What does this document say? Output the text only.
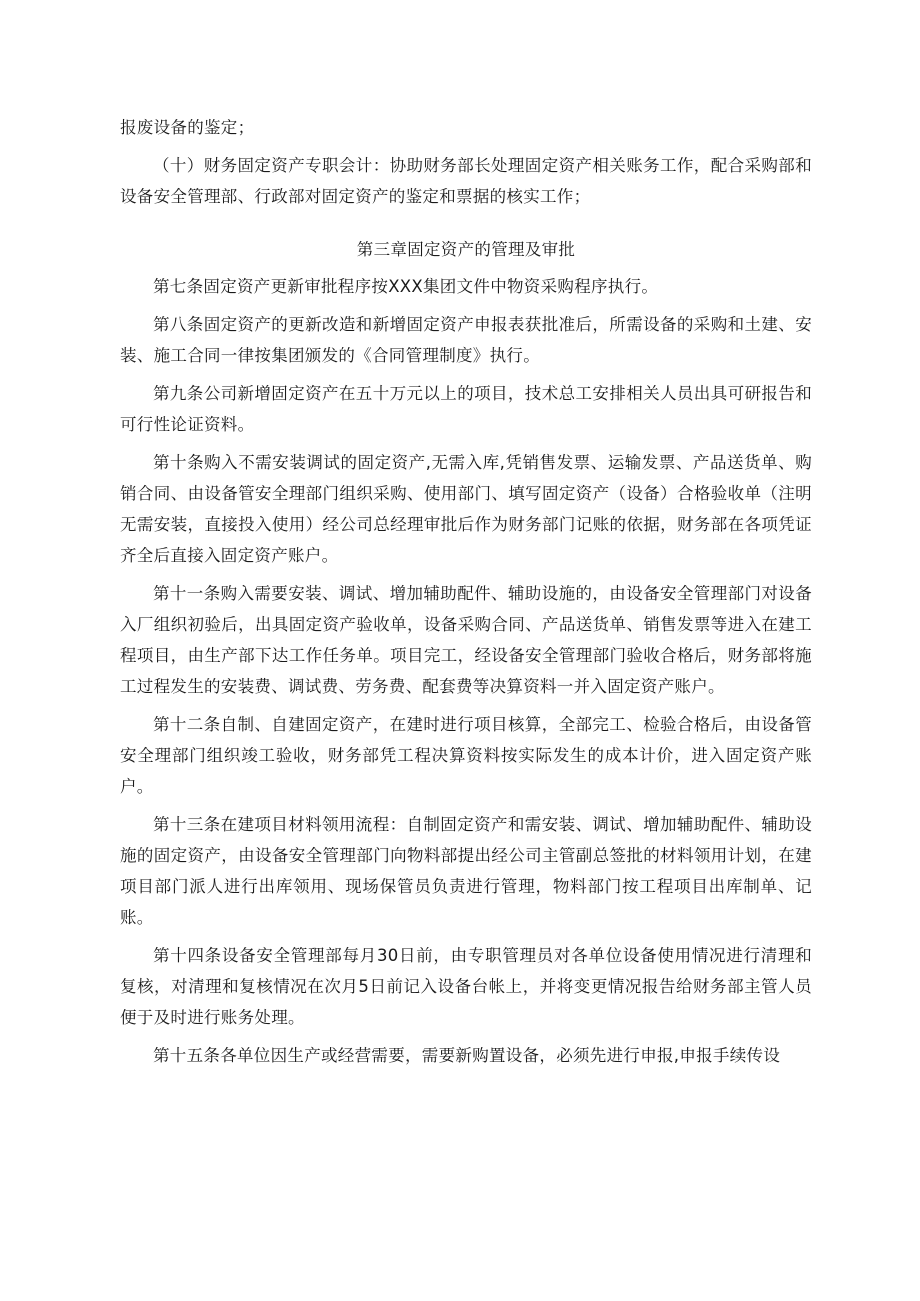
报废设备的鉴定；

（十）财务固定资产专职会计：协助财务部长处理固定资产相关账务工作，配合采购部和设备安全管理部、行政部对固定资产的鉴定和票据的核实工作；

第三章固定资产的管理及审批

第七条固定资产更新审批程序按XXX集团文件中物资采购程序执行。

第八条固定资产的更新改造和新增固定资产申报表获批准后，所需设备的采购和土建、安装、施工合同一律按集团颁发的《合同管理制度》执行。

第九条公司新增固定资产在五十万元以上的项目，技术总工安排相关人员出具可研报告和可行性论证资料。

第十条购入不需安装调试的固定资产,无需入库,凭销售发票、运输发票、产品送货单、购销合同、由设备管安全理部门组织采购、使用部门、填写固定资产（设备）合格验收单（注明无需安装，直接投入使用）经公司总经理审批后作为财务部门记账的依据，财务部在各项凭证齐全后直接入固定资产账户。

第十一条购入需要安装、调试、增加辅助配件、辅助设施的，由设备安全管理部门对设备入厂组织初验后，出具固定资产验收单，设备采购合同、产品送货单、销售发票等进入在建工程项目，由生产部下达工作任务单。项目完工，经设备安全管理部门验收合格后，财务部将施工过程发生的安装费、调试费、劳务费、配套费等决算资料一并入固定资产账户。

第十二条自制、自建固定资产，在建时进行项目核算，全部完工、检验合格后，由设备管安全理部门组织竣工验收，财务部凭工程决算资料按实际发生的成本计价，进入固定资产账户。

第十三条在建项目材料领用流程：自制固定资产和需安装、调试、增加辅助配件、辅助设施的固定资产，由设备安全管理部门向物料部提出经公司主管副总签批的材料领用计划，在建项目部门派人进行出库领用、现场保管员负责进行管理，物料部门按工程项目出库制单、记账。

第十四条设备安全管理部每月30日前，由专职管理员对各单位设备使用情况进行清理和复核，对清理和复核情况在次月5日前记入设备台帐上，并将变更情况报告给财务部主管人员便于及时进行账务处理。

第十五条各单位因生产或经营需要，需要新购置设备，必须先进行申报,申报手续传设
